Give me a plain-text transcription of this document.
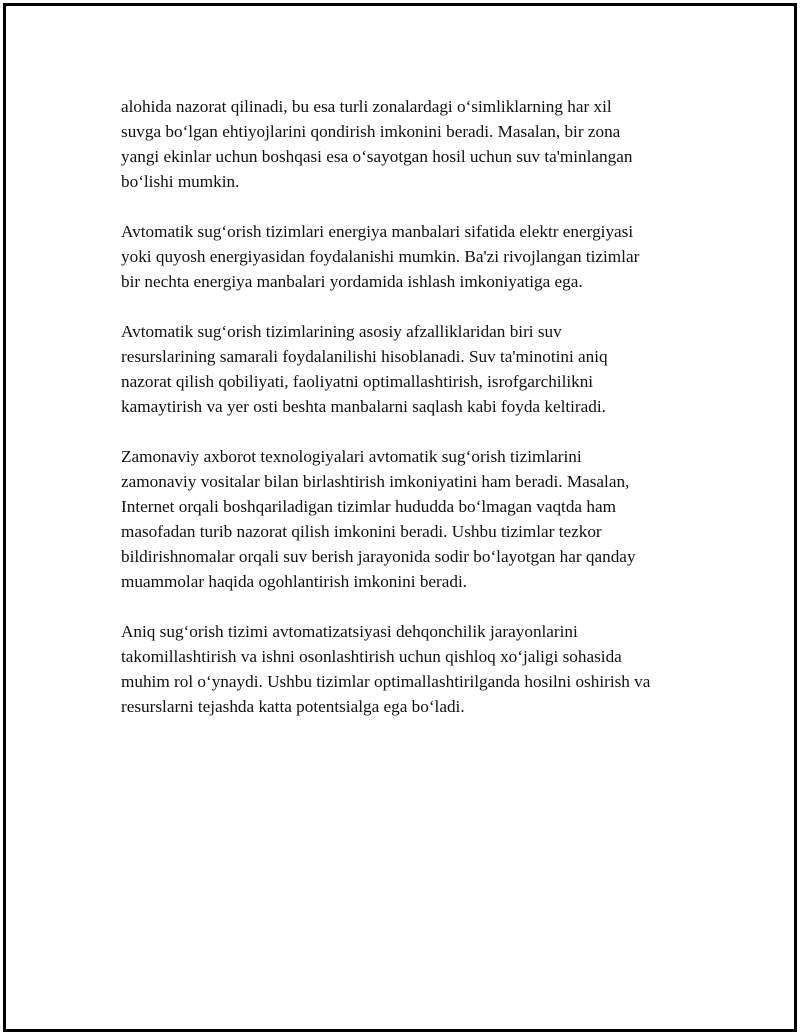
alohida nazorat qilinadi, bu esa turli zonalardagi oʻsimliklarning har xil
suvga boʻlgan ehtiyojlarini qondirish imkonini beradi. Masalan, bir zona
yangi ekinlar uchun boshqasi esa oʻsayotgan hosil uchun suv ta'minlangan
boʻlishi mumkin.

Avtomatik sugʻorish tizimlari energiya manbalari sifatida elektr energiyasi
yoki quyosh energiyasidan foydalanishi mumkin. Ba'zi rivojlangan tizimlar
bir nechta energiya manbalari yordamida ishlash imkoniyatiga ega.

Avtomatik sugʻorish tizimlarining asosiy afzalliklaridan biri suv
resurslarining samarali foydalanilishi hisoblanadi. Suv ta'minotini aniq
nazorat qilish qobiliyati, faoliyatni optimallashtirish, isrofgarchilikni
kamaytirish va yer osti beshta manbalarni saqlash kabi foyda keltiradi.

Zamonaviy axborot texnologiyalari avtomatik sugʻorish tizimlarini
zamonaviy vositalar bilan birlashtirish imkoniyatini ham beradi. Masalan,
Internet orqali boshqariladigan tizimlar hududda boʻlmagan vaqtda ham
masofadan turib nazorat qilish imkonini beradi. Ushbu tizimlar tezkor
bildirishnomalar orqali suv berish jarayonida sodir boʻlayotgan har qanday
muammolar haqida ogohlantirish imkonini beradi.

Aniq sugʻorish tizimi avtomatizatsiyasi dehqonchilik jarayonlarini
takomillashtirish va ishni osonlashtirish uchun qishloq xoʻjaligi sohasida
muhim rol oʻynaydi. Ushbu tizimlar optimallashtirilganda hosilni oshirish va
resurslarni tejashda katta potentsialga ega boʻladi.
